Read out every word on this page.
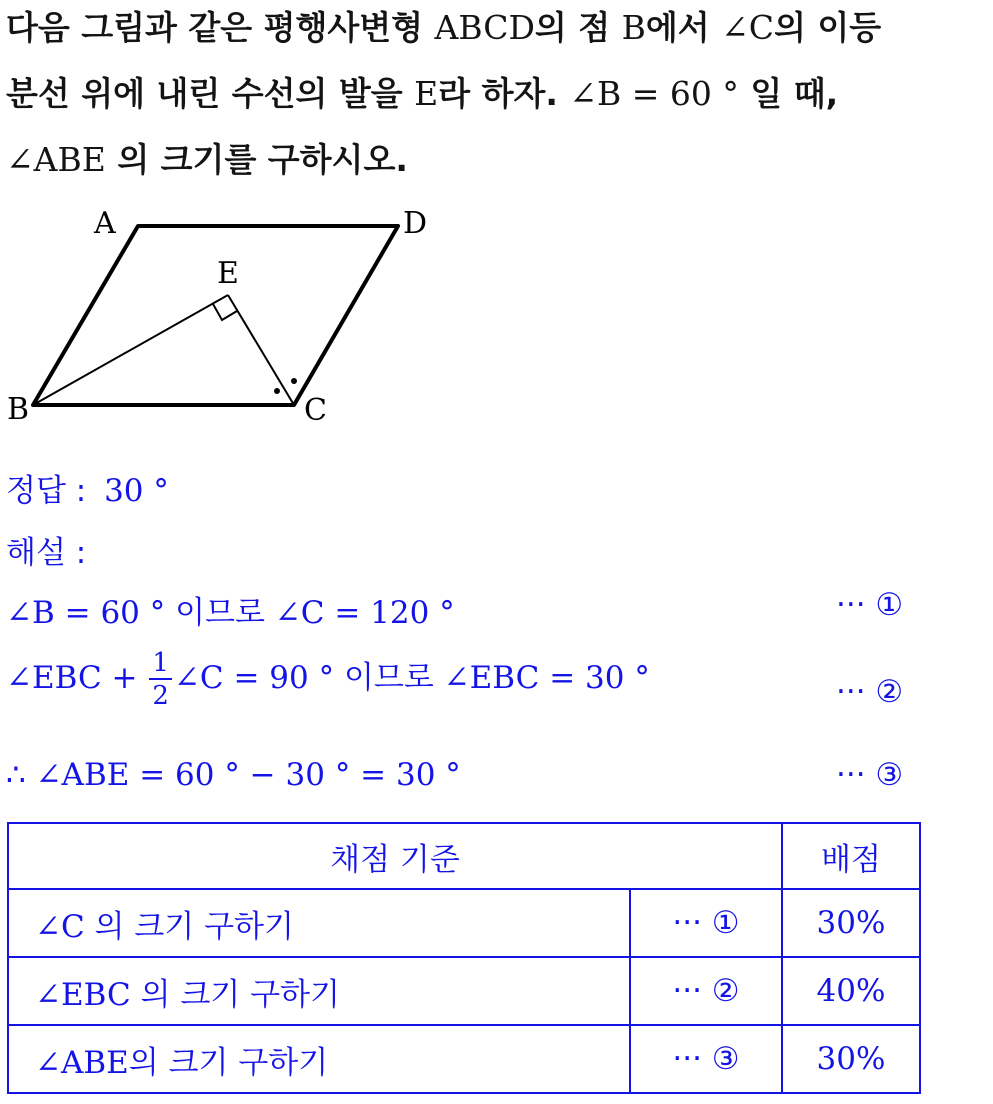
다음 그림과 같은 평행사변형 ABCD의 점 B에서 ∠C의 이등
분선 위에 내린 수선의 발을 E라 하자. ∠B = 60 ° 일 때,
∠ABE 의 크기를 구하시오.
A	D
E
B	C
정답 : 30 °
해설 :
∠B = 60 ° 이므로 ∠C = 120 °	··· ①
∠EBC + $\frac{1}{2}$ ∠C = 90 ° 이므로 ∠EBC = 30 °	··· ②
∴ ∠ABE = 60 ° − 30 ° = 30 °	··· ③
채점 기준		배점
∠C 의 크기 구하기	··· ①	30%
∠EBC 의 크기 구하기	··· ②	40%
∠ABE의 크기 구하기	··· ③	30%
